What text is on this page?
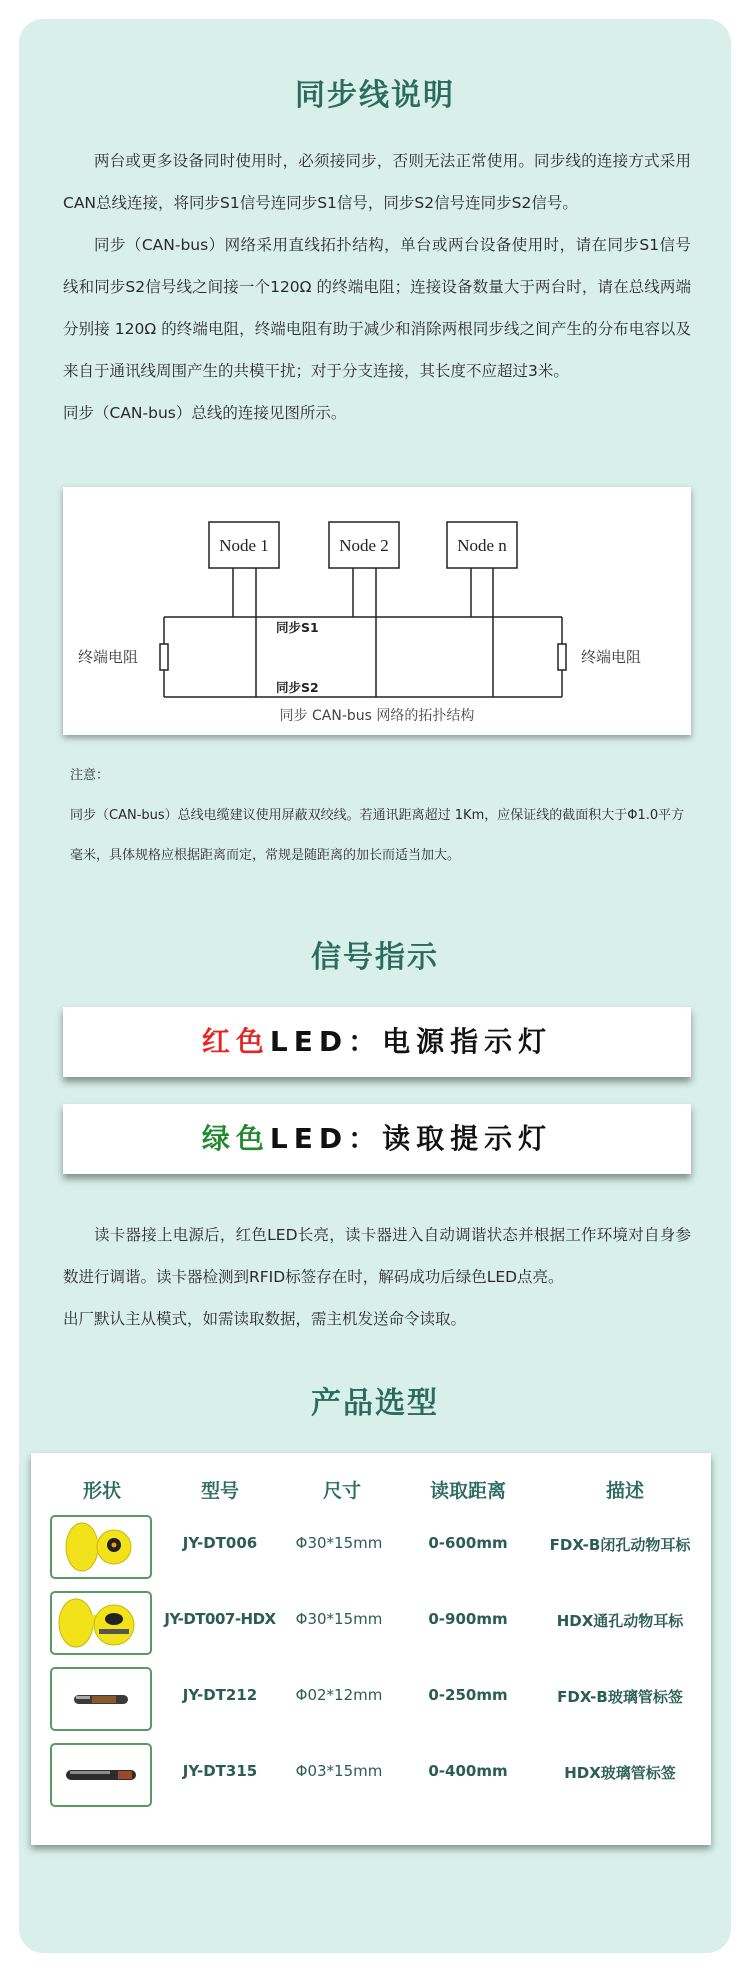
同步线说明

两台或更多设备同时使用时，必须接同步，否则无法正常使用。同步线的连接方式采用CAN总线连接，将同步S1信号连同步S1信号，同步S2信号连同步S2信号。

同步（CAN-bus）网络采用直线拓扑结构，单台或两台设备使用时，请在同步S1信号线和同步S2信号线之间接一个120Ω 的终端电阻；连接设备数量大于两台时，请在总线两端分别接 120Ω 的终端电阻，终端电阻有助于减少和消除两根同步线之间产生的分布电容以及来自于通讯线周围产生的共模干扰；对于分支连接，其长度不应超过3米。

同步（CAN-bus）总线的连接见图所示。

Node 1	Node 2	Node n
同步S1
同步S2
终端电阻	终端电阻
同步 CAN-bus 网络的拓扑结构

注意：

同步（CAN-bus）总线电缆建议使用屏蔽双绞线。若通讯距离超过 1Km，应保证线的截面积大于Φ1.0平方毫米，具体规格应根据距离而定，常规是随距离的加长而适当加大。

信号指示
红色LED：电源指示灯
绿色LED：读取提示灯

读卡器接上电源后，红色LED长亮，读卡器进入自动调谐状态并根据工作环境对自身参数进行调谐。读卡器检测到RFID标签存在时，解码成功后绿色LED点亮。

出厂默认主从模式，如需读取数据，需主机发送命令读取。

产品选型
形状	型号	尺寸	读取距离	描述
JY-DT006	Φ30*15mm	0-600mm	FDX-B闭孔动物耳标
JY-DT007-HDX	Φ30*15mm	0-900mm	HDX通孔动物耳标
JY-DT212	Φ02*12mm	0-250mm	FDX-B玻璃管标签
JY-DT315	Φ03*15mm	0-400mm	HDX玻璃管标签
